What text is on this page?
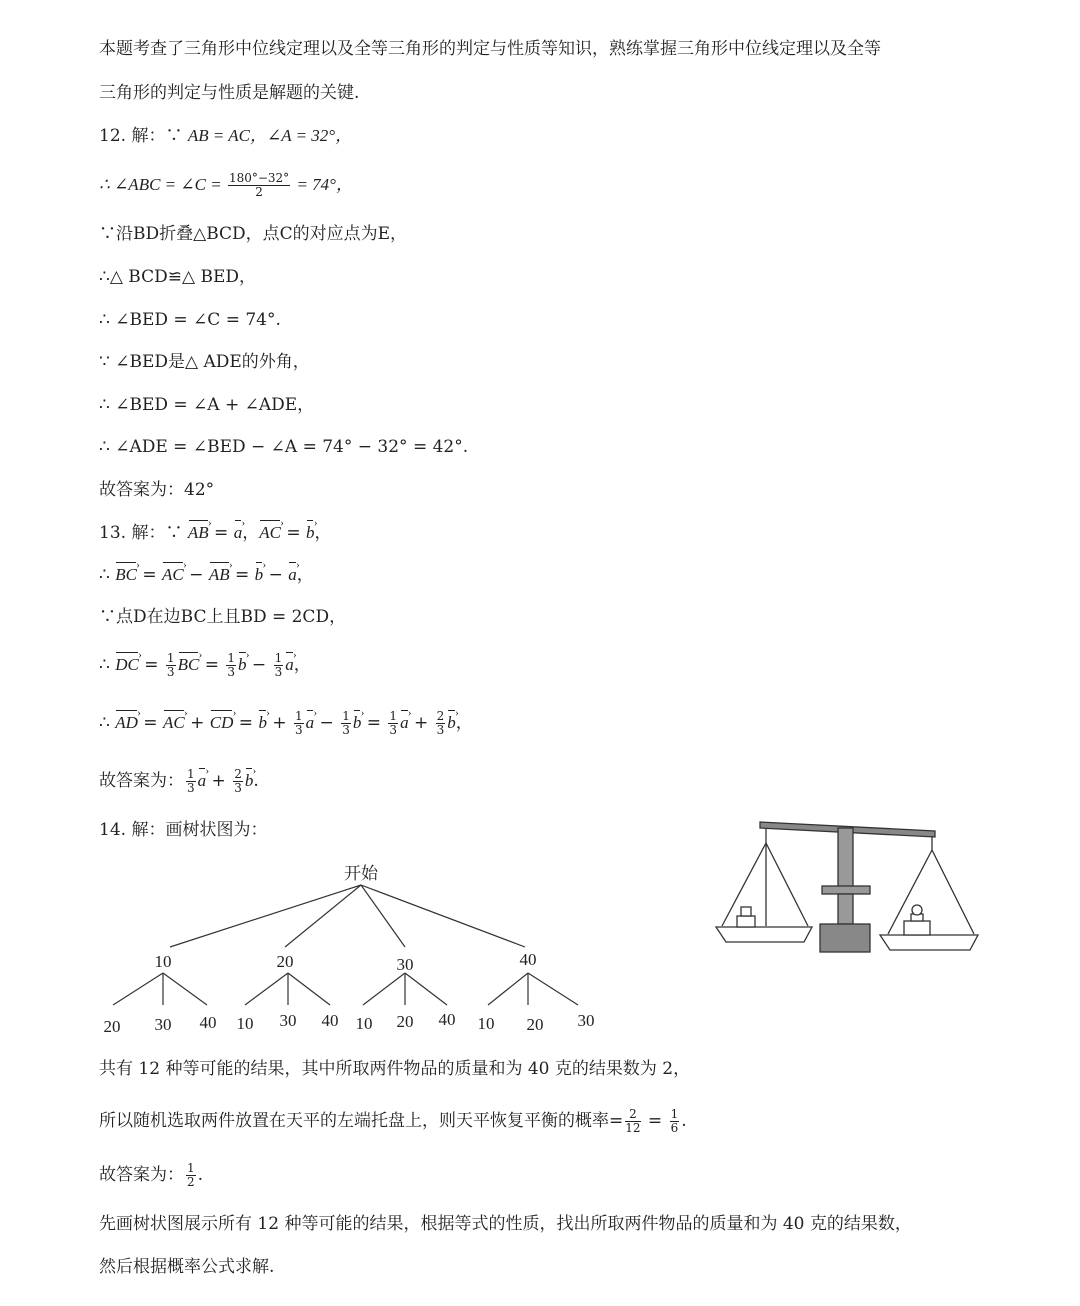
本题考查了三角形中位线定理以及全等三角形的判定与性质等知识，熟练掌握三角形中位线定理以及全等
三角形的判定与性质是解题的关键.
12. 解：∵ AB = AC，∠A = 32°，
∴ ∠ABC = ∠C = $\frac{180^\circ-32^\circ}{2} = 74^\circ$，
∵沿BD折叠△BCD，点C的对应点为E，
∴△ BCD≌△ BED，
∴ ∠BED = ∠C = 74°.
∵ ∠BED是△ ADE的外角，
∴ ∠BED = ∠A + ∠ADE，
∴ ∠ADE = ∠BED − ∠A = 74° − 32° = 42°.
故答案为：42°
13. 解：∵ AB › = a ›，AC › = b ›，
∴ BC › = AC › − AB › = b › − a ›，
∵点D在边BC上且BD = 2CD，
∴ DC › = $\frac{1}{3}$ BC › = $\frac{1}{3}$ b › − $\frac{1}{3}$ a ›，
∴ AD › = AC › + CD › = b › + $\frac{1}{3}$ a › − $\frac{1}{3}$ b › = $\frac{1}{3}$ a › + $\frac{2}{3}$ b ›，
故答案为： $\frac{1}{3}$ a › + $\frac{2}{3}$ b ›.
14. 解：画树状图为：
开始
10	20	30	40
20 30 40 10 30 40 10 20 40 10 20 30
共有 12 种等可能的结果，其中所取两件物品的质量和为 40 克的结果数为 2，
所以随机选取两件放置在天平的左端托盘上，则天平恢复平衡的概率= $\frac{2}{12} = \frac{1}{6}$ .
故答案为： $\frac{1}{2}$ .
先画树状图展示所有 12 种等可能的结果，根据等式的性质，找出所取两件物品的质量和为 40 克的结果数，
然后根据概率公式求解.
